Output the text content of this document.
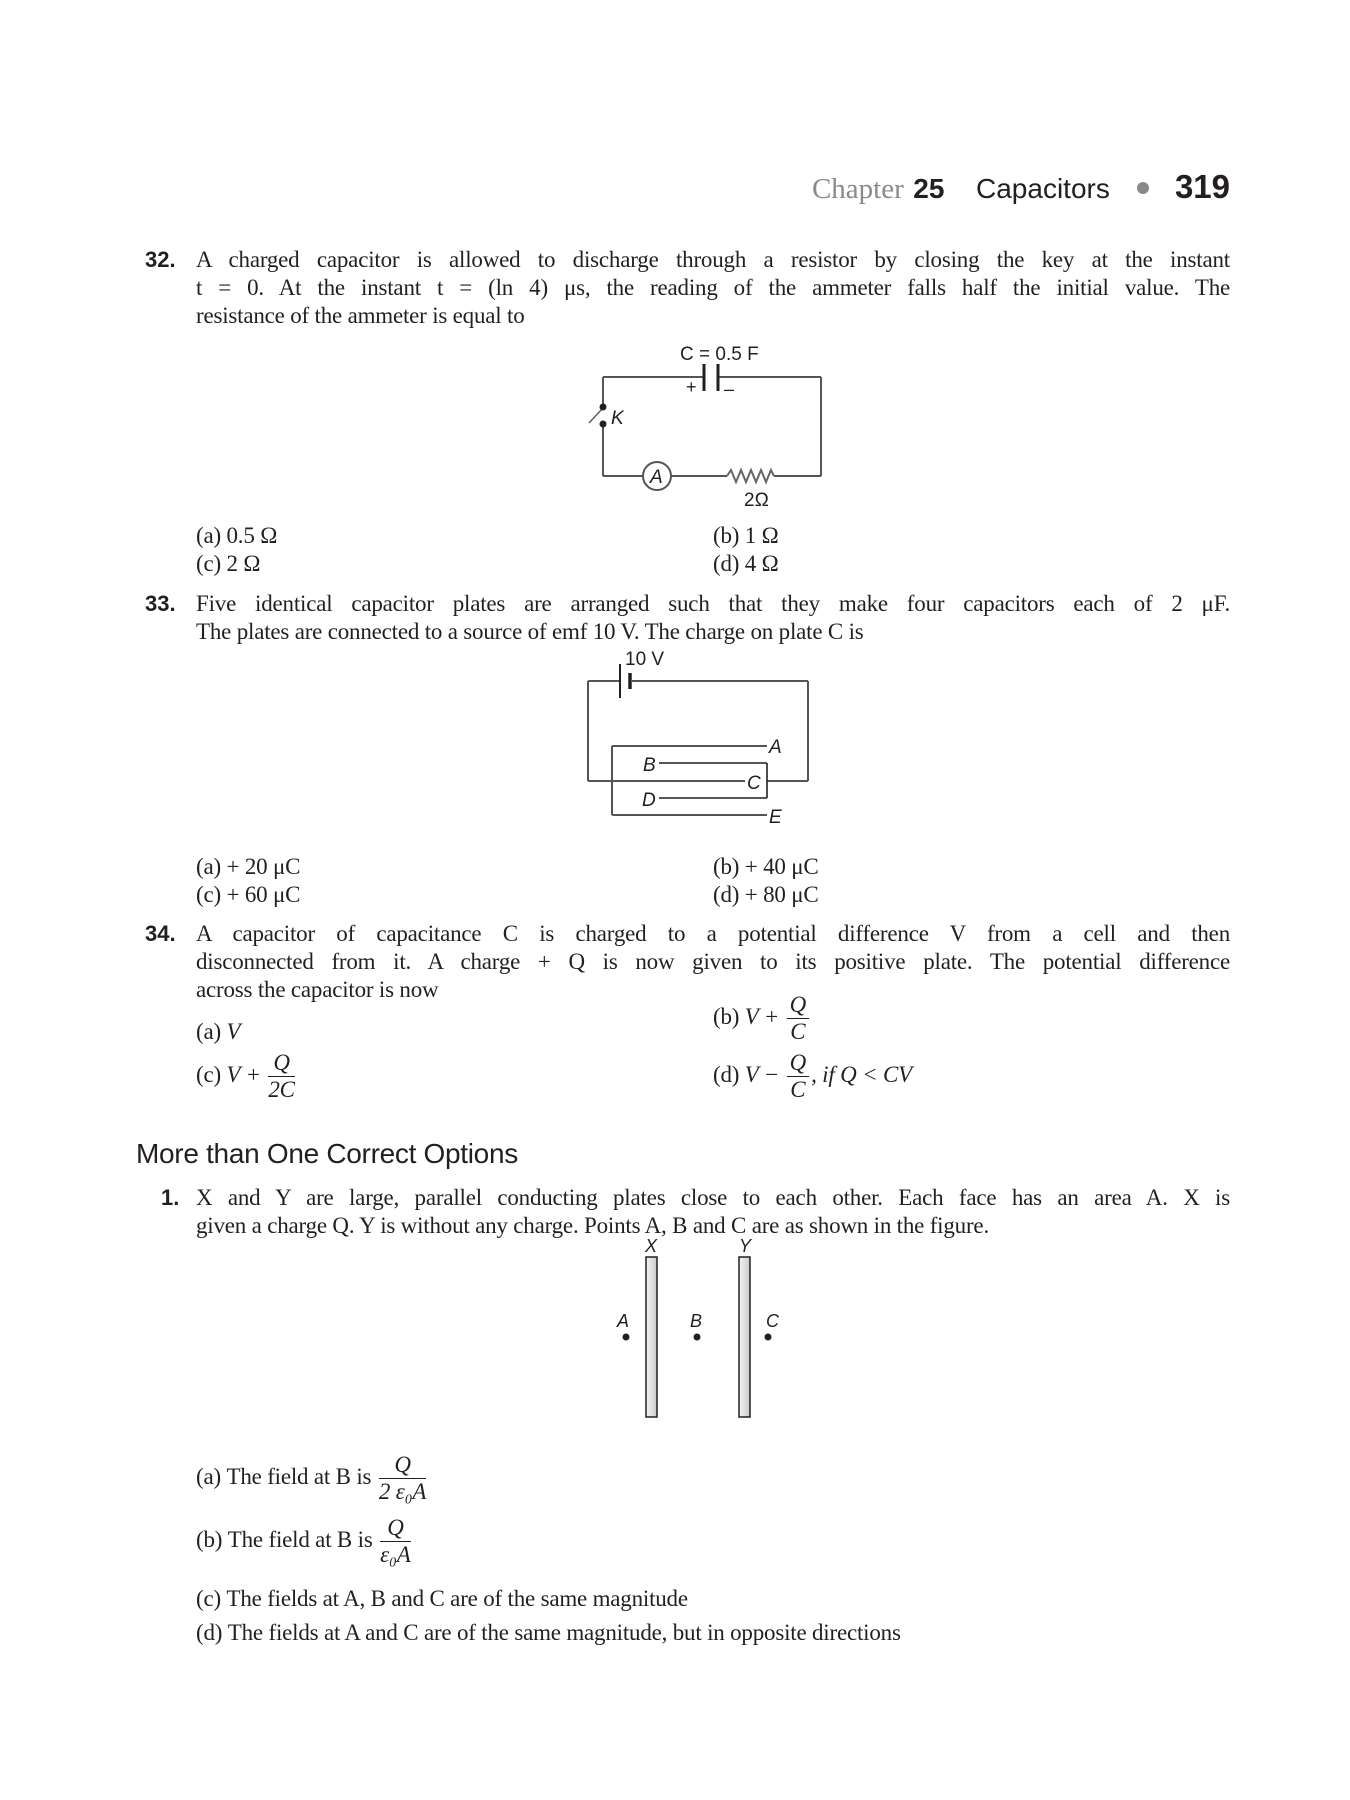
Chapter 25 Capacitors 319
32. A charged capacitor is allowed to discharge through a resistor by closing the key at the instant
t = 0. At the instant t = (ln 4) μs, the reading of the ammeter falls half the initial value. The
resistance of the ammeter is equal to
C = 0.5 F
+ –
K
A
2Ω
(a) 0.5 Ω	(b) 1 Ω
(c) 2 Ω	(d) 4 Ω
33. Five identical capacitor plates are arranged such that they make four capacitors each of 2 μF.
The plates are connected to a source of emf 10 V. The charge on plate C is
10 V
A
B
C
D
E
(a) + 20 μC	(b) + 40 μC
(c) + 60 μC	(d) + 80 μC
34. A capacitor of capacitance C is charged to a potential difference V from a cell and then
disconnected from it. A charge + Q is now given to its positive plate. The potential difference
across the capacitor is now
(a) V
(b) $V + \frac{Q}{C}$
(c) $V + \frac{Q}{2C}$	(d) $V - \frac{Q}{C}$ , if Q < CV
More than One Correct Options
1. X and Y are large, parallel conducting plates close to each other. Each face has an area A. X is
given a charge Q. Y is without any charge. Points A, B and C are as shown in the figure.
X	Y
A	B	C
(a) The field at B is $\frac{Q}{\text{2 ε₀A}}$
(b) The field at B is $\frac{Q}{\text{ε₀A}}$
(c) The fields at A, B and C are of the same magnitude
(d) The fields at A and C are of the same magnitude, but in opposite directions
